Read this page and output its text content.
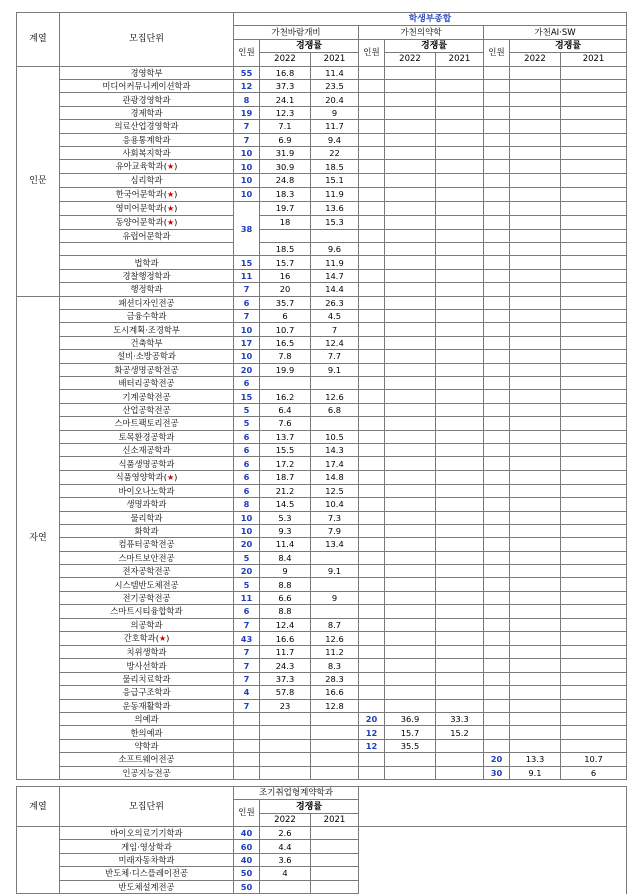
계열	모집단위	학생부종합								
		가천바람개비			가천의약학			가천AI·SW		
		인원	경쟁률		인원	경쟁률		인원	경쟁률	
			2022	2021		2022	2021		2022	2021
인문	경영학부	55	16.8	11.4						
	미디어커뮤니케이션학과	12	37.3	23.5						
	관광경영학과	8	24.1	20.4						
	경제학과	19	12.3	9						
	의료산업경영학과	7	7.1	11.7						
	응용통계학과	7	6.9	9.4						
	사회복지학과	10	31.9	22						
	유아교육학과(★)	10	30.9	18.5						
	심리학과	10	24.8	15.1						
	한국어문학과(★)	10	18.3	11.9						
	영미어문학과(★)	38	19.7	13.6						
	동양어문학과(★)		18	15.3						
	유럽어문학과									
			18.5	9.6						
	법학과	15	15.7	11.9						
	경찰행정학과	11	16	14.7						
	행정학과	7	20	14.4						
자연	패션디자인전공	6	35.7	26.3						
	금융수학과	7	6	4.5						
	도시계획·조경학부	10	10.7	7						
	건축학부	17	16.5	12.4						
	설비·소방공학과	10	7.8	7.7						
	화공생명공학전공	20	19.9	9.1						
	배터리공학전공	6								
	기계공학전공	15	16.2	12.6						
	산업공학전공	5	6.4	6.8						
	스마트팩토리전공	5	7.6							
	토목환경공학과	6	13.7	10.5						
	신소재공학과	6	15.5	14.3						
	식품생명공학과	6	17.2	17.4						
	식품영양학과(★)	6	18.7	14.8						
	바이오나노학과	6	21.2	12.5						
	생명과학과	8	14.5	10.4						
	물리학과	10	5.3	7.3						
	화학과	10	9.3	7.9						
	컴퓨터공학전공	20	11.4	13.4						
	스마트보안전공	5	8.4							
	전자공학전공	20	9	9.1						
	시스템반도체전공	5	8.8							
	전기공학전공	11	6.6	9						
	스마트시티융합학과	6	8.8							
	의공학과	7	12.4	8.7						
	간호학과(★)	43	16.6	12.6						
	치위생학과	7	11.7	11.2						
	방사선학과	7	24.3	8.3						
	물리치료학과	7	37.3	28.3						
	응급구조학과	4	57.8	16.6						
	운동재활학과	7	23	12.8						
	의예과				20	36.9	33.3			
	한의예과				12	15.7	15.2			
	약학과				12	35.5				
	소프트웨어전공							20	13.3	10.7
	인공지능전공							30	9.1	6
계열	모집단위	조기취업형계약학과			
		인원	경쟁률		
			2022	2021	
	바이오의료기기학과	40	2.6		
	게임·영상학과	60	4.4		
	미래자동차학과	40	3.6		
	반도체·디스플레이전공	50	4		
	반도체설계전공	50			
